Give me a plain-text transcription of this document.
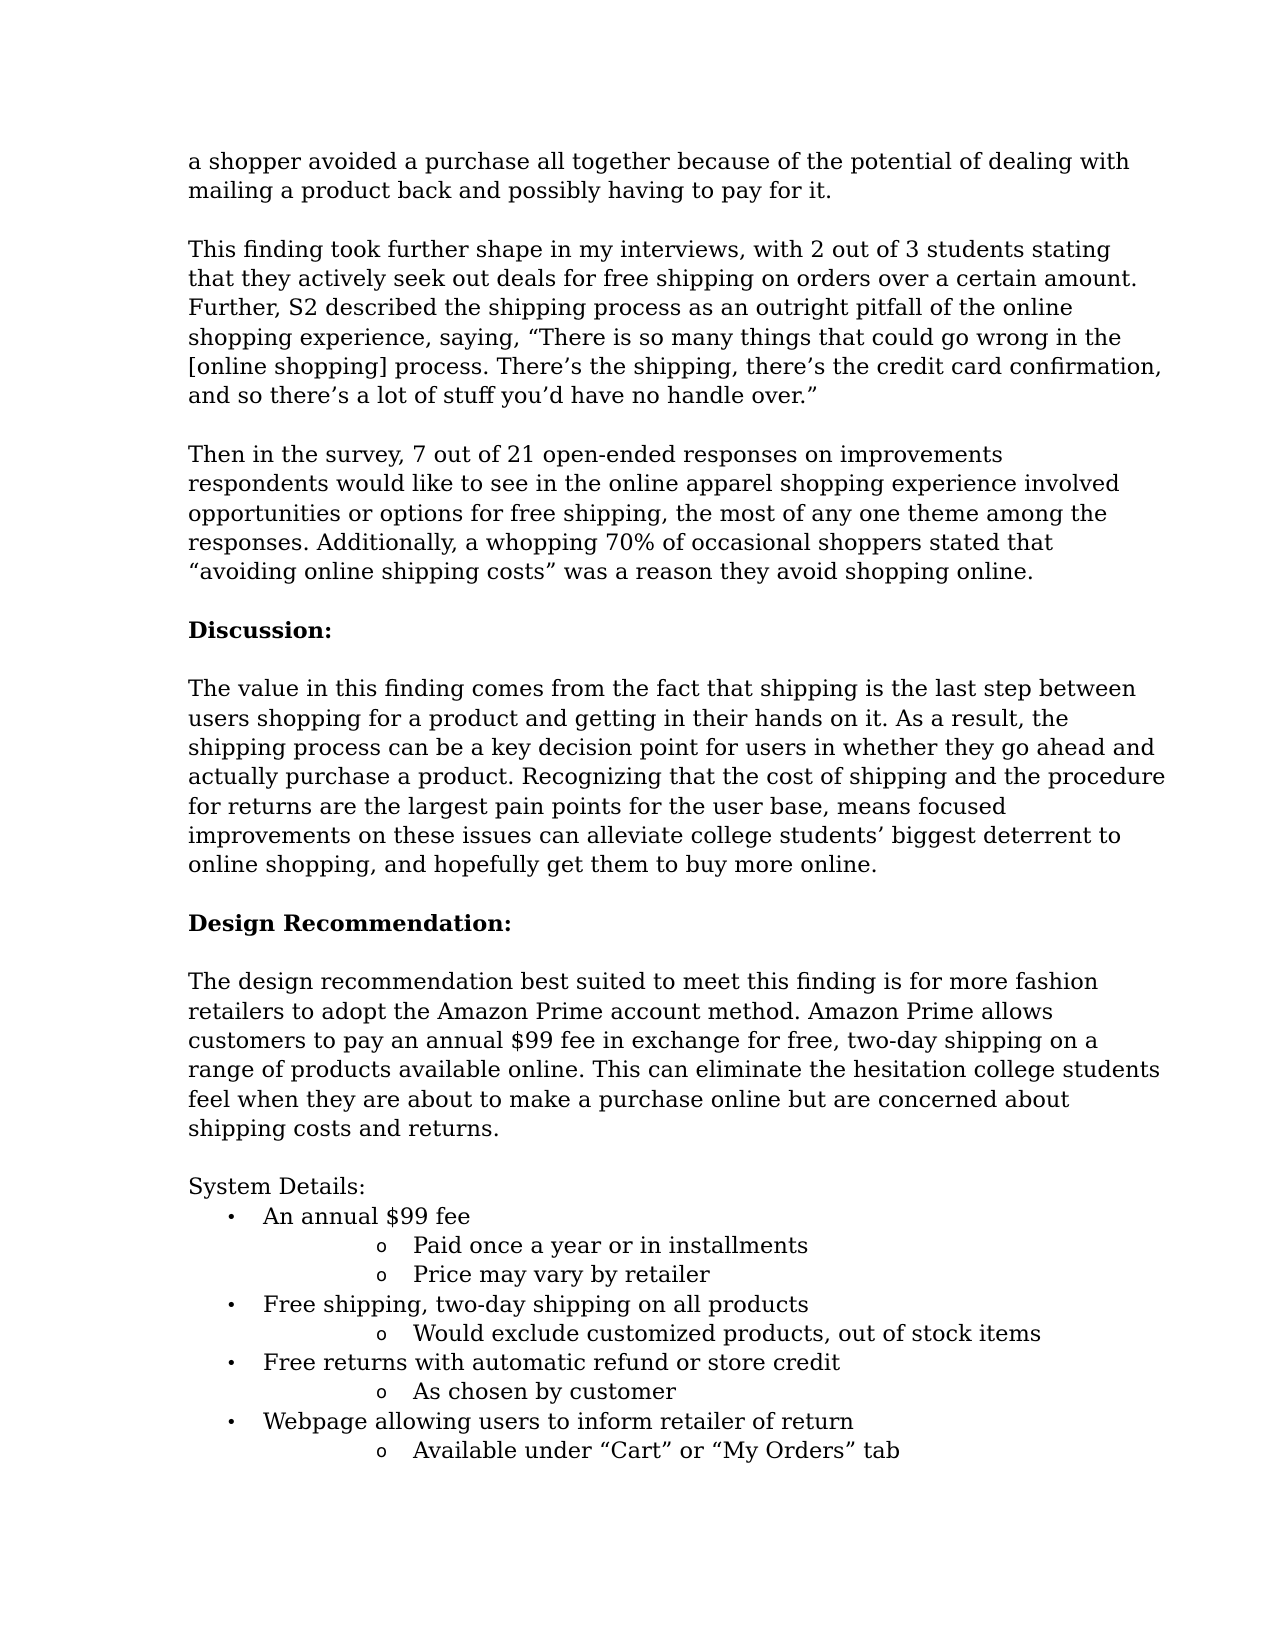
a shopper avoided a purchase all together because of the potential of dealing with
mailing a product back and possibly having to pay for it.
This finding took further shape in my interviews, with 2 out of 3 students stating
that they actively seek out deals for free shipping on orders over a certain amount.
Further, S2 described the shipping process as an outright pitfall of the online
shopping experience, saying, “There is so many things that could go wrong in the
[online shopping] process. There’s the shipping, there’s the credit card confirmation,
and so there’s a lot of stuff you’d have no handle over.”
Then in the survey, 7 out of 21 open-ended responses on improvements
respondents would like to see in the online apparel shopping experience involved
opportunities or options for free shipping, the most of any one theme among the
responses. Additionally, a whopping 70% of occasional shoppers stated that
“avoiding online shipping costs” was a reason they avoid shopping online.
Discussion:
The value in this finding comes from the fact that shipping is the last step between
users shopping for a product and getting in their hands on it. As a result, the
shipping process can be a key decision point for users in whether they go ahead and
actually purchase a product. Recognizing that the cost of shipping and the procedure
for returns are the largest pain points for the user base, means focused
improvements on these issues can alleviate college students’ biggest deterrent to
online shopping, and hopefully get them to buy more online.
Design Recommendation:
The design recommendation best suited to meet this finding is for more fashion
retailers to adopt the Amazon Prime account method. Amazon Prime allows
customers to pay an annual $99 fee in exchange for free, two-day shipping on a
range of products available online. This can eliminate the hesitation college students
feel when they are about to make a purchase online but are concerned about
shipping costs and returns.
System Details:
• An annual $99 fee
o Paid once a year or in installments
o Price may vary by retailer
• Free shipping, two-day shipping on all products
o Would exclude customized products, out of stock items
• Free returns with automatic refund or store credit
o As chosen by customer
• Webpage allowing users to inform retailer of return
o Available under “Cart” or “My Orders” tab
